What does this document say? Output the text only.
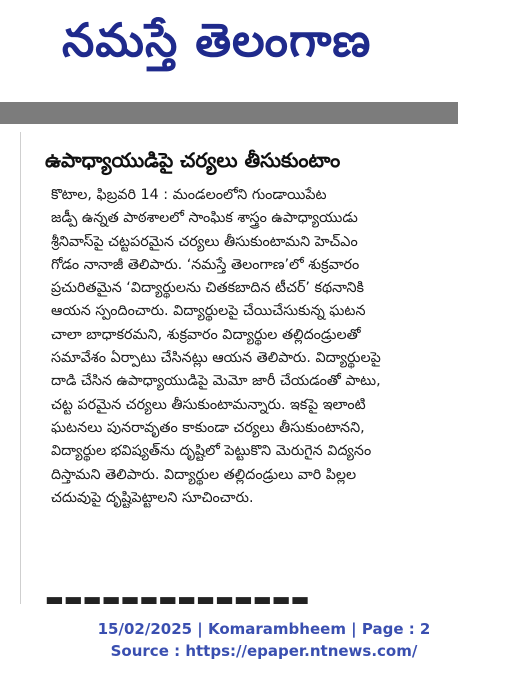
నమస్తే తెలంగాణ
ఉపాధ్యాయుడిపై చర్యలు తీసుకుంటాం
కొటాల, ఫిబ్రవరి 14 : మండలంలోని గుండాయిపేట
జడ్పీ ఉన్నత పాఠశాలలో సాంఘిక శాస్త్రం ఉపాధ్యాయుడు
శ్రీనివాస్‌పై చట్టపరమైన చర్యలు తీసుకుంటామని హెచ్‌ఎం
గోడం నానాజీ తెలిపారు. ‘నమస్తే తెలంగాణ’లో శుక్రవారం
ప్రచురితమైన ‘విద్యార్థులను చితకబాదిన టీచర్‌’ కథనానికి
ఆయన స్పందించారు. విద్యార్థులపై చేయిచేసుకున్న ఘటన
చాలా బాధాకరమని, శుక్రవారం విద్యార్థుల తల్లిదండ్రులతో
సమావేశం ఏర్పాటు చేసినట్లు ఆయన తెలిపారు. విద్యార్థులపై
దాడి చేసిన ఉపాధ్యాయుడిపై మెమో జారీ చేయడంతో పాటు,
చట్ట పరమైన చర్యలు తీసుకుంటామన్నారు. ఇకపై ఇలాంటి
ఘటనలు పునరావృతం కాకుండా చర్యలు తీసుకుంటానని,
విద్యార్థుల భవిష్యత్‌ను దృష్టిలో పెట్టుకొని మెరుగైన విద్యనం
దిస్తామని తెలిపారు. విద్యార్థుల తల్లిదండ్రులు వారి పిల్లల
చదువుపై దృష్టిపెట్టాలని సూచించారు.
▬▬▬▬▬▬▬▬▬▬▬▬▬▬
15/02/2025 | Komarambheem | Page : 2
Source : https://epaper.ntnews.com/
